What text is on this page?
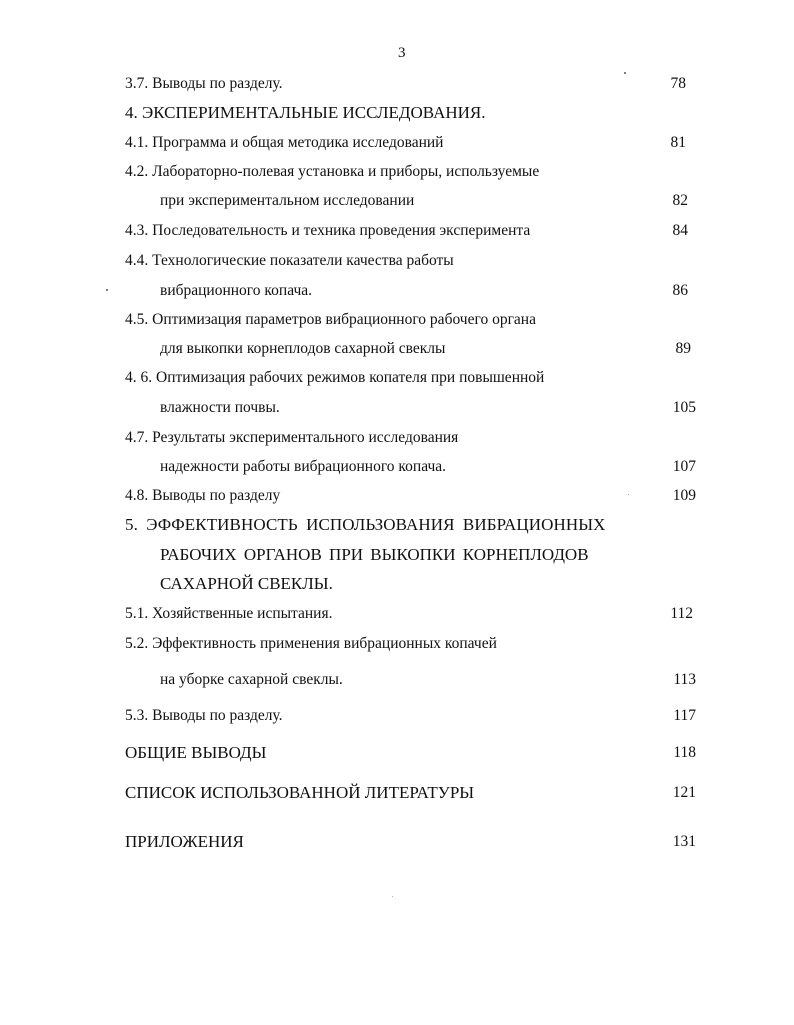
3
3.7. Выводы по разделу.	78
4. ЭКСПЕРИМЕНТАЛЬНЫЕ ИССЛЕДОВАНИЯ.
4.1. Программа и общая методика исследований	81
4.2. Лабораторно-полевая установка и приборы, используемые
при экспериментальном исследовании	82
4.3. Последовательность и техника проведения эксперимента	84
4.4. Технологические показатели качества работы
вибрационного копача.	86
4.5. Оптимизация параметров вибрационного рабочего органа
для выкопки корнеплодов сахарной свеклы	89
4. 6. Оптимизация рабочих режимов копателя при повышенной
влажности почвы.	105
4.7. Результаты экспериментального исследования
надежности работы вибрационного копача.	107
4.8. Выводы по разделу	109
5. ЭФФЕКТИВНОСТЬ ИСПОЛЬЗОВАНИЯ ВИБРАЦИОННЫХ
РАБОЧИХ ОРГАНОВ ПРИ ВЫКОПКИ КОРНЕПЛОДОВ
САХАРНОЙ СВЕКЛЫ.
5.1. Хозяйственные испытания.	112
5.2. Эффективность применения вибрационных копачей
на уборке сахарной свеклы.	113
5.3. Выводы по разделу.	117
ОБЩИЕ ВЫВОДЫ	118
СПИСОК ИСПОЛЬЗОВАННОЙ ЛИТЕРАТУРЫ	121
ПРИЛОЖЕНИЯ	131
